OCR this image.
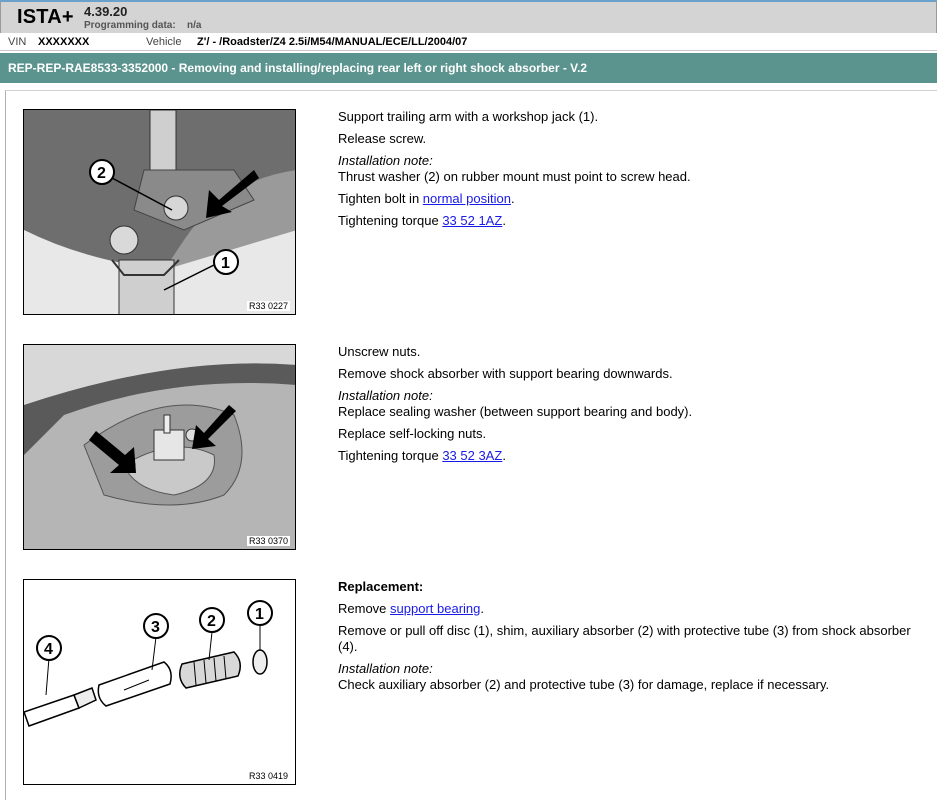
ISTA+ 4.39.20
Programming data: n/a
VIN XXXXXXX	Vehicle Z'/ - /Roadster/Z4 2.5i/M54/MANUAL/ECE/LL/2004/07
REP-REP-RAE8533-3352000 - Removing and installing/replacing rear left or right shock absorber - V.2
2
1
R33 0227

Support trailing arm with a workshop jack (1).

Release screw.

Installation note:

Thrust washer (2) on rubber mount must point to screw head.

Tighten bolt in normal position.

Tightening torque 33 52 1AZ.

R33 0370

Unscrew nuts.

Remove shock absorber with support bearing downwards.

Installation note:

Replace sealing washer (between support bearing and body).

Replace self-locking nuts.

Tightening torque 33 52 3AZ.

4
3	2 1
R33 0419

Replacement:

Remove support bearing.

Remove or pull off disc (1), shim, auxiliary absorber (2) with protective tube (3) from shock absorber (4).

Installation note:

Check auxiliary absorber (2) and protective tube (3) for damage, replace if necessary.
